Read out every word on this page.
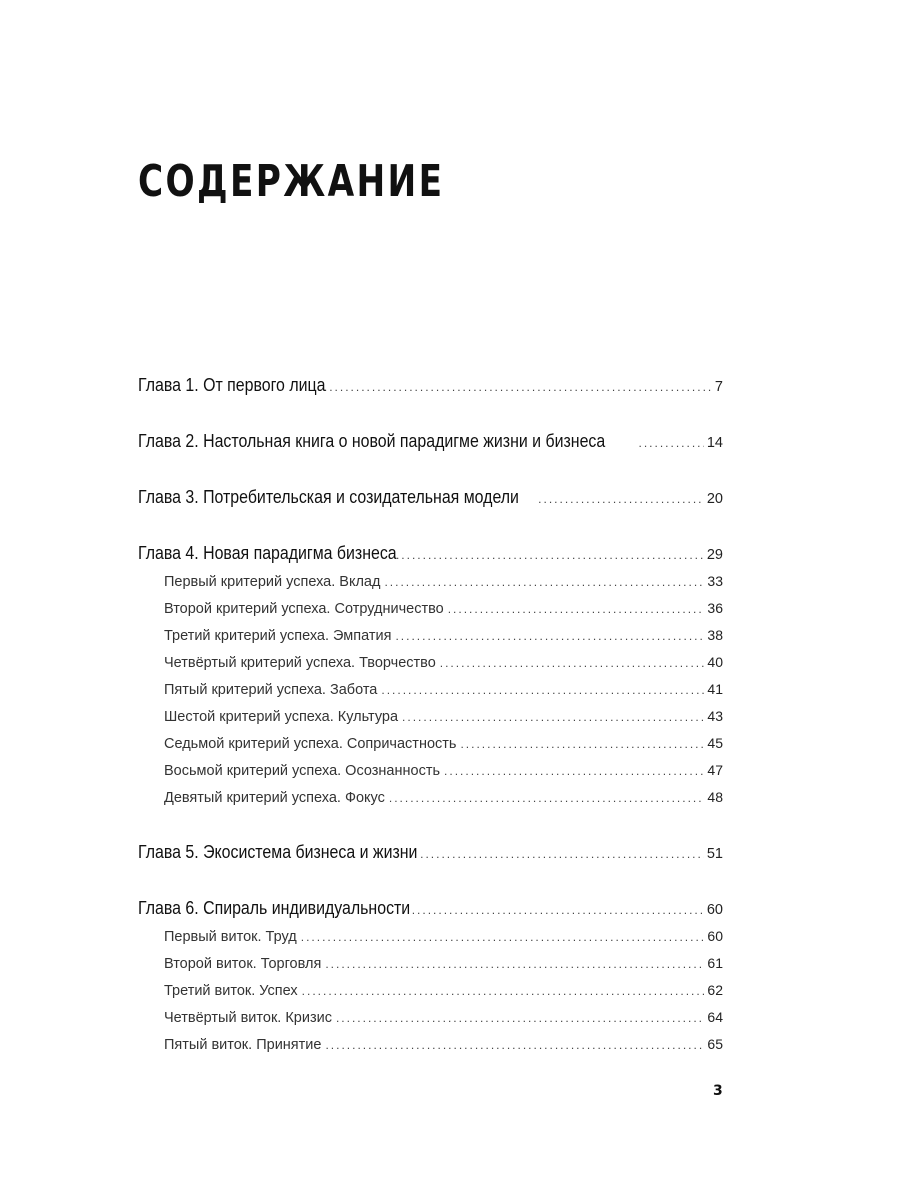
СОДЕРЖАНИЕ
Глава 1. От первого лица .....	7
Глава 2. Настольная книга о новой парадигме жизни и бизнеса .....	14
Глава 3. Потребительская и созидательная модели .....	20
Глава 4. Новая парадигма бизнеса .....	29
Первый критерий успеха. Вклад .....	33
Второй критерий успеха. Сотрудничество .....	36
Третий критерий успеха. Эмпатия .....	38
Четвёртый критерий успеха. Творчество .....	40
Пятый критерий успеха. Забота .....	41
Шестой критерий успеха. Культура .....	43
Седьмой критерий успеха. Сопричастность .....	45
Восьмой критерий успеха. Осознанность .....	47
Девятый критерий успеха. Фокус .....	48
Глава 5. Экосистема бизнеса и жизни .....	51
Глава 6. Спираль индивидуальности .....	60
Первый виток. Труд .....	60
Второй виток. Торговля .....	61
Третий виток. Успех .....	62
Четвёртый виток. Кризис .....	64
Пятый виток. Принятие .....	65
3
